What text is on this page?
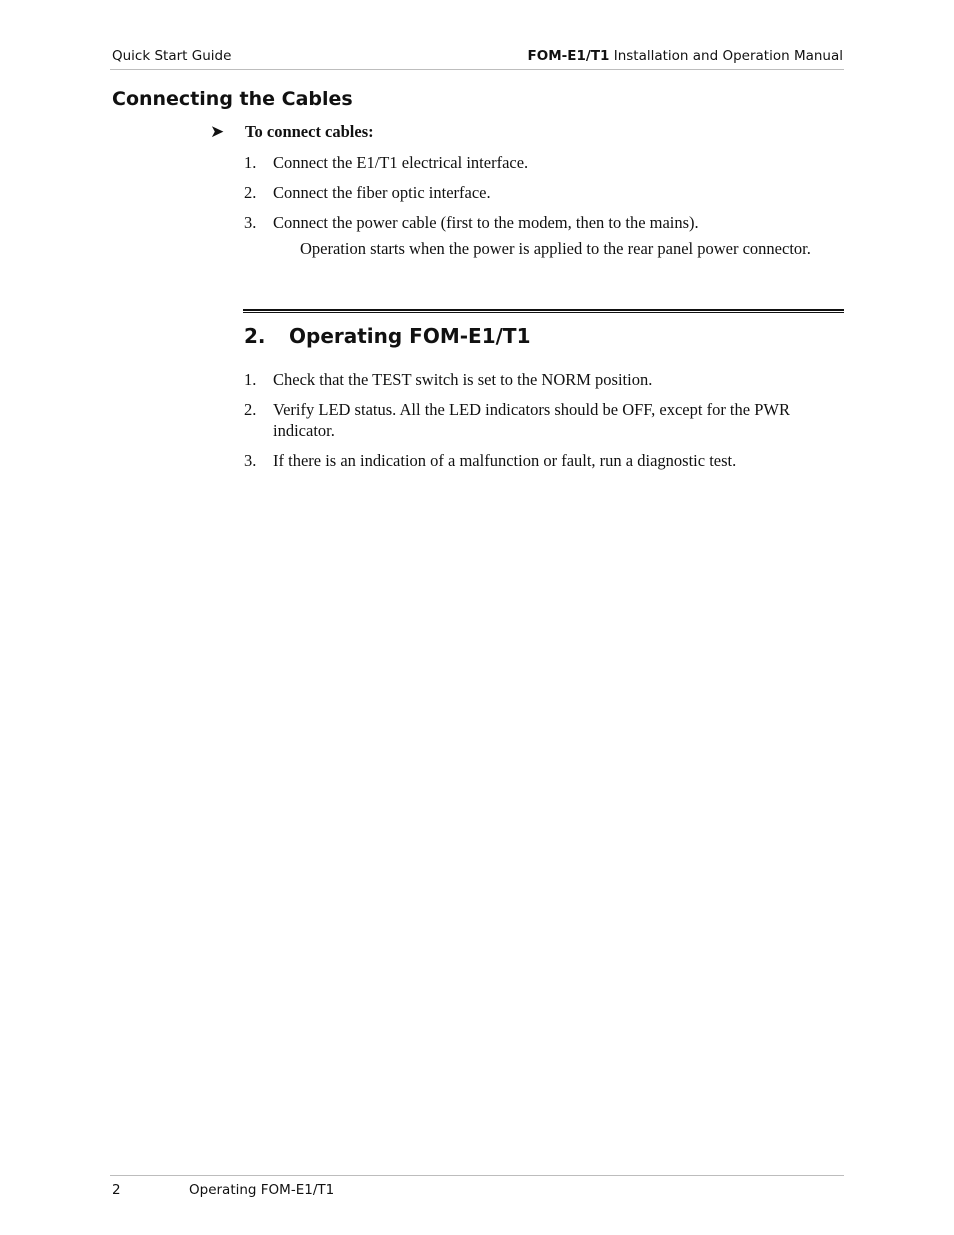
Quick Start Guide	FOM-E1/T1 Installation and Operation Manual
Connecting the Cables
➤ To connect cables:
1.	Connect the E1/T1 electrical interface.
2.	Connect the fiber optic interface.
3.	Connect the power cable (first to the modem, then to the mains).
Operation starts when the power is applied to the rear panel power connector.
2. Operating FOM-E1/T1
1.	Check that the TEST switch is set to the NORM position.
2.	Verify LED status. All the LED indicators should be OFF, except for the PWR indicator.
3.	If there is an indication of a malfunction or fault, run a diagnostic test.
2	Operating FOM-E1/T1
